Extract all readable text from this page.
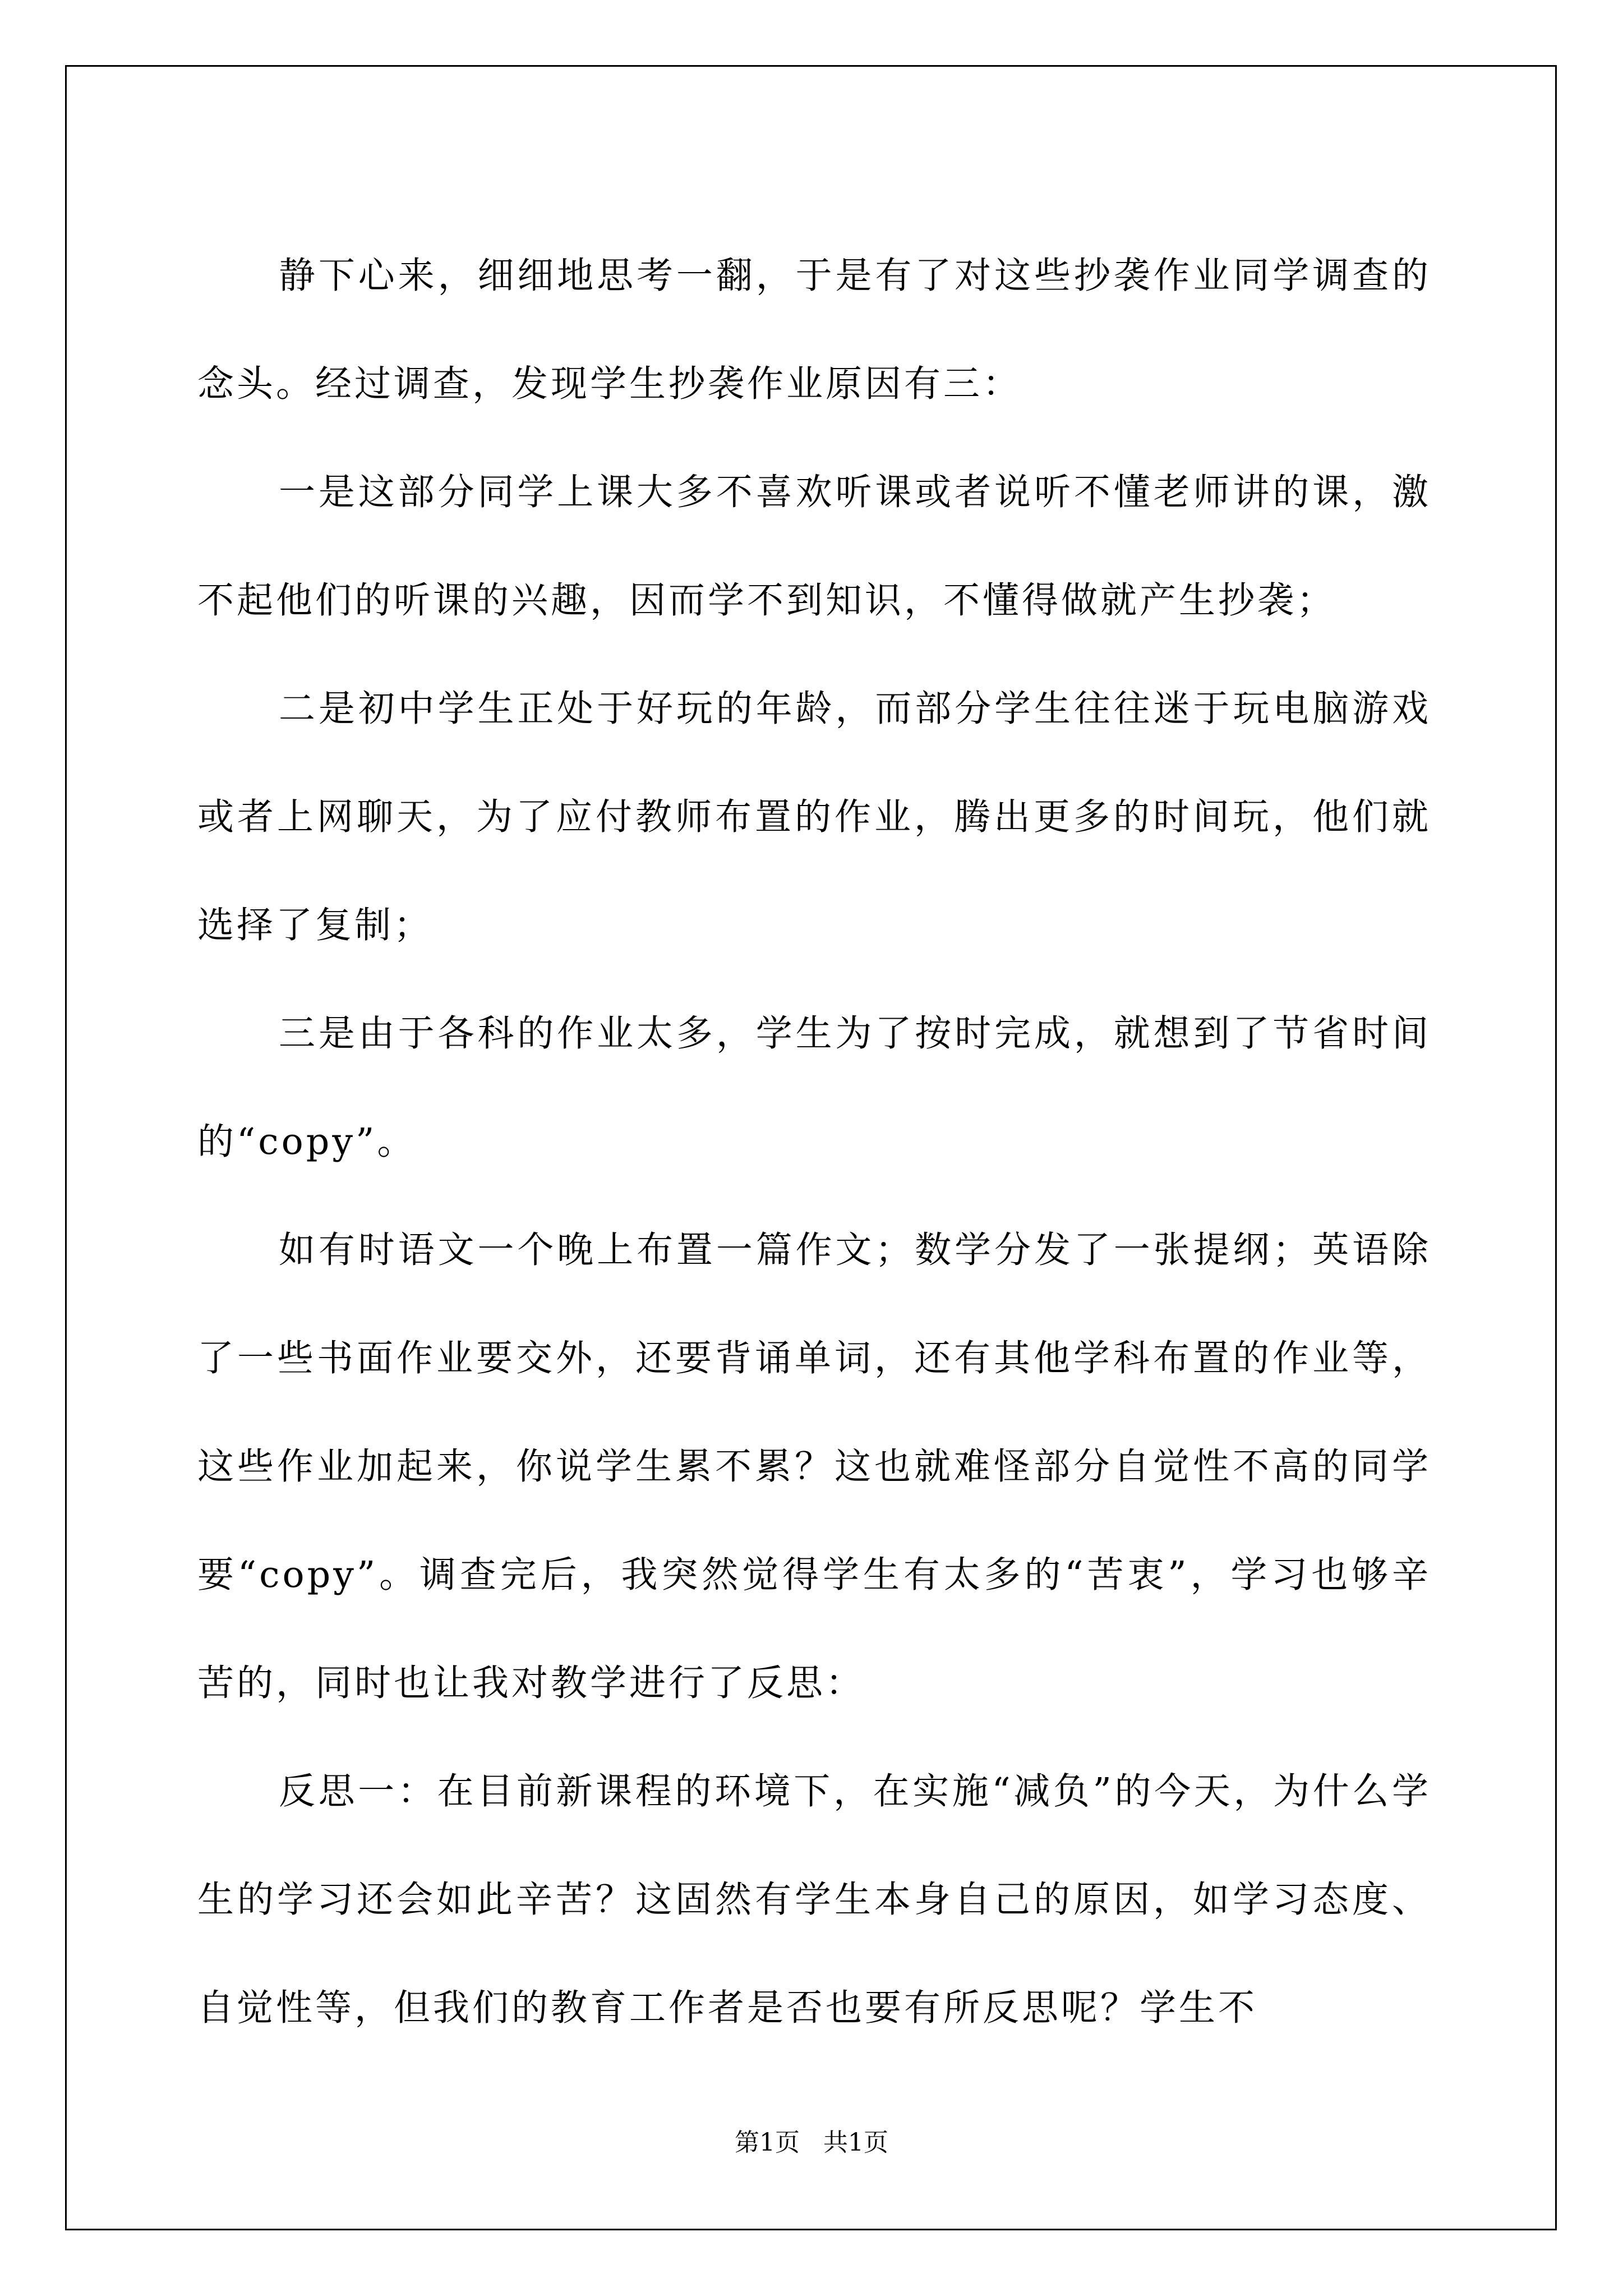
静下心来，细细地思考一翻，于是有了对这些抄袭作业同学调查的念头。经过调查，发现学生抄袭作业原因有三：

一是这部分同学上课大多不喜欢听课或者说听不懂老师讲的课，激不起他们的听课的兴趣，因而学不到知识，不懂得做就产生抄袭；

二是初中学生正处于好玩的年龄，而部分学生往往迷于玩电脑游戏或者上网聊天，为了应付教师布置的作业，腾出更多的时间玩，他们就选择了复制；

三是由于各科的作业太多，学生为了按时完成，就想到了节省时间的“copy”。

如有时语文一个晚上布置一篇作文；数学分发了一张提纲；英语除了一些书面作业要交外，还要背诵单词，还有其他学科布置的作业等，这些作业加起来，你说学生累不累？这也就难怪部分自觉性不高的同学要“copy”。调查完后，我突然觉得学生有太多的“苦衷”，学习也够辛苦的，同时也让我对教学进行了反思：

反思一：在目前新课程的环境下，在实施“减负”的今天，为什么学生的学习还会如此辛苦？这固然有学生本身自己的原因，如学习态度、自觉性等，但我们的教育工作者是否也要有所反思呢？学生不

第1页   共1页
